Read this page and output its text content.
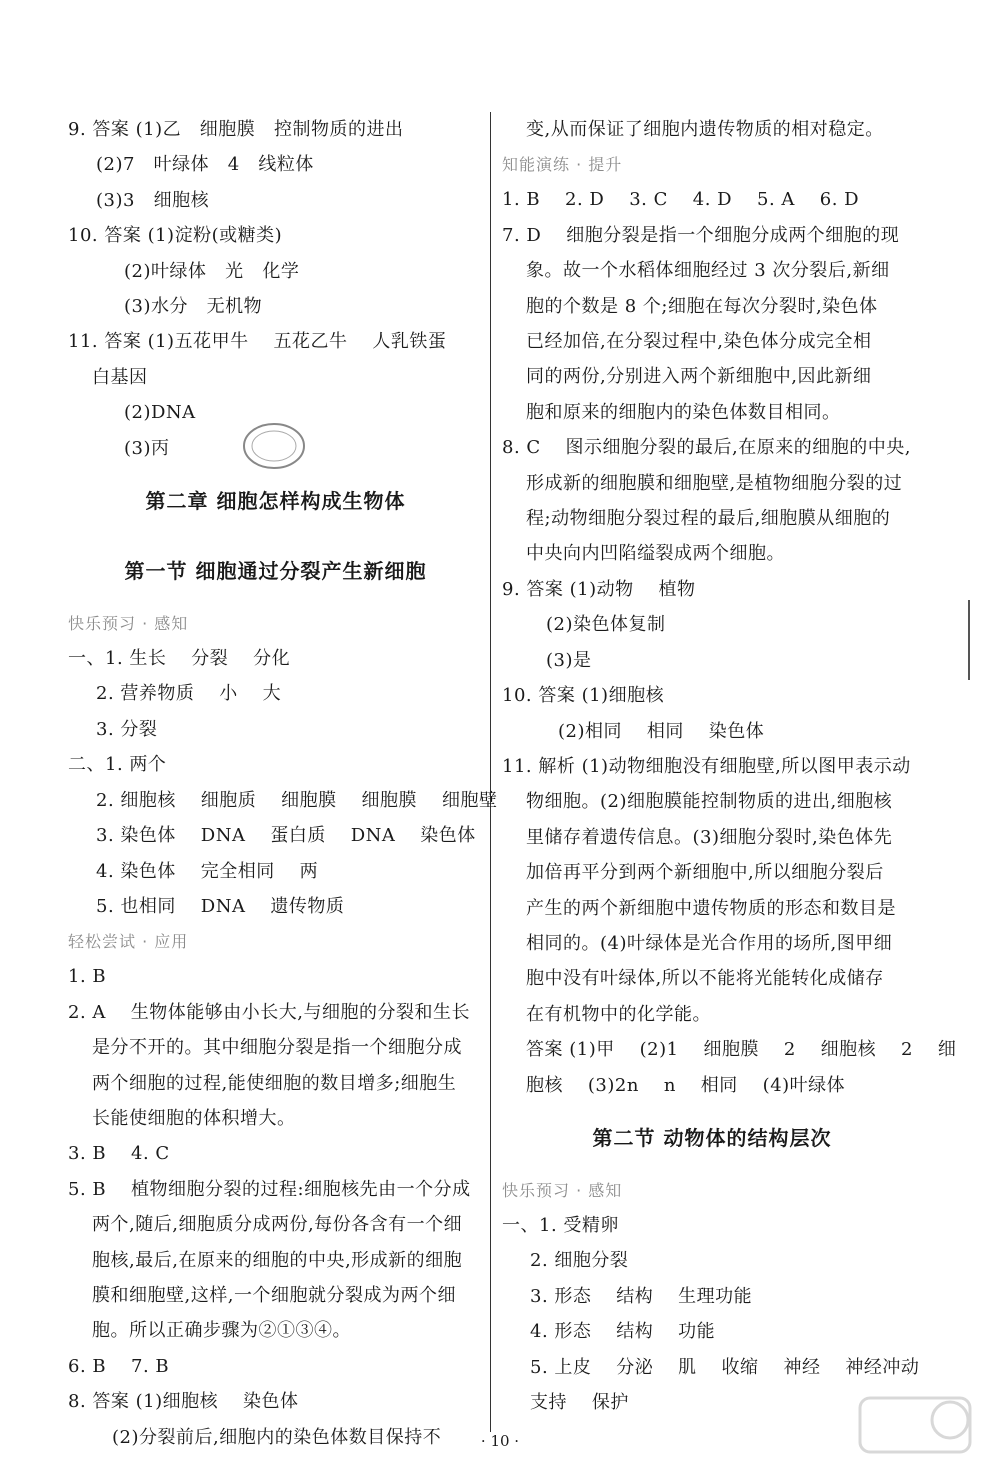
9. 答案 (1)乙   细胞膜   控制物质的进出
(2)7   叶绿体   4   线粒体
(3)3   细胞核
10. 答案 (1)淀粉(或糖类)
(2)叶绿体   光   化学
(3)水分   无机物
11. 答案 (1)五花甲牛    五花乙牛    人乳铁蛋
白基因
(2)DNA
(3)丙
第二章 细胞怎样构成生物体
第一节 细胞通过分裂产生新细胞
快乐预习 · 感知
一、1. 生长    分裂    分化
2. 营养物质    小    大
3. 分裂
二、1. 两个
2. 细胞核    细胞质    细胞膜    细胞膜    细胞壁
3. 染色体    DNA    蛋白质    DNA    染色体
4. 染色体    完全相同    两
5. 也相同    DNA    遗传物质
轻松尝试 · 应用
1. B
2. A    生物体能够由小长大,与细胞的分裂和生长
是分不开的。其中细胞分裂是指一个细胞分成
两个细胞的过程,能使细胞的数目增多;细胞生
长能使细胞的体积增大。
3. B    4. C
5. B    植物细胞分裂的过程:细胞核先由一个分成
两个,随后,细胞质分成两份,每份各含有一个细
胞核,最后,在原来的细胞的中央,形成新的细胞
膜和细胞壁,这样,一个细胞就分裂成为两个细
胞。所以正确步骤为②①③④。
6. B    7. B
8. 答案 (1)细胞核    染色体
(2)分裂前后,细胞内的染色体数目保持不
变,从而保证了细胞内遗传物质的相对稳定。
知能演练 · 提升
1. B    2. D    3. C    4. D    5. A    6. D
7. D    细胞分裂是指一个细胞分成两个细胞的现
象。故一个水稻体细胞经过 3 次分裂后,新细
胞的个数是 8 个;细胞在每次分裂时,染色体
已经加倍,在分裂过程中,染色体分成完全相
同的两份,分别进入两个新细胞中,因此新细
胞和原来的细胞内的染色体数目相同。
8. C    图示细胞分裂的最后,在原来的细胞的中央,
形成新的细胞膜和细胞壁,是植物细胞分裂的过
程;动物细胞分裂过程的最后,细胞膜从细胞的
中央向内凹陷缢裂成两个细胞。
9. 答案 (1)动物    植物
(2)染色体复制
(3)是
10. 答案 (1)细胞核
(2)相同    相同    染色体
11. 解析 (1)动物细胞没有细胞壁,所以图甲表示动
物细胞。(2)细胞膜能控制物质的进出,细胞核
里储存着遗传信息。(3)细胞分裂时,染色体先
加倍再平分到两个新细胞中,所以细胞分裂后
产生的两个新细胞中遗传物质的形态和数目是
相同的。(4)叶绿体是光合作用的场所,图甲细
胞中没有叶绿体,所以不能将光能转化成储存
在有机物中的化学能。
答案 (1)甲    (2)1    细胞膜    2    细胞核    2    细
胞核    (3)2n    n    相同    (4)叶绿体
第二节 动物体的结构层次
快乐预习 · 感知
一、1. 受精卵
2. 细胞分裂
3. 形态    结构    生理功能
4. 形态    结构    功能
5. 上皮    分泌    肌    收缩    神经    神经冲动
支持    保护
· 10 ·
